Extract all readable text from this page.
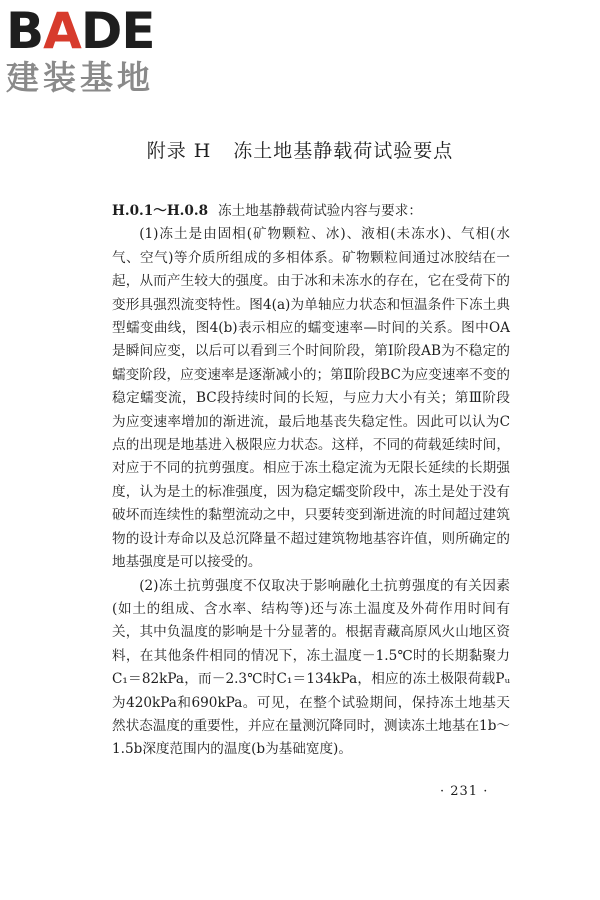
BADE
建装基地
附录 H 冻土地基静载荷试验要点

H.0.1～H.0.8 冻土地基静载荷试验内容与要求：

(1)冻土是由固相(矿物颗粒、冰)、液相(未冻水)、气相(水气、空气)等介质所组成的多相体系。矿物颗粒间通过冰胶结在一起，从而产生较大的强度。由于冰和未冻水的存在，它在受荷下的变形具强烈流变特性。图4(a)为单轴应力状态和恒温条件下冻土典型蠕变曲线，图4(b)表示相应的蠕变速率—时间的关系。图中OA是瞬间应变，以后可以看到三个时间阶段，第Ⅰ阶段AB为不稳定的蠕变阶段，应变速率是逐渐减小的；第Ⅱ阶段BC为应变速率不变的稳定蠕变流，BC段持续时间的长短，与应力大小有关；第Ⅲ阶段为应变速率增加的渐进流，最后地基丧失稳定性。因此可以认为C点的出现是地基进入极限应力状态。这样，不同的荷载延续时间，对应于不同的抗剪强度。相应于冻土稳定流为无限长延续的长期强度，认为是土的标准强度，因为稳定蠕变阶段中，冻土是处于没有破坏而连续性的黏塑流动之中，只要转变到渐进流的时间超过建筑物的设计寿命以及总沉降量不超过建筑物地基容许值，则所确定的地基强度是可以接受的。

(2)冻土抗剪强度不仅取决于影响融化土抗剪强度的有关因素(如土的组成、含水率、结构等)还与冻土温度及外荷作用时间有关，其中负温度的影响是十分显著的。根据青藏高原风火山地区资料，在其他条件相同的情况下，冻土温度－1.5℃时的长期黏聚力C₁＝82kPa，而－2.3℃时C₁＝134kPa，相应的冻土极限荷载Pᵤ为420kPa和690kPa。可见，在整个试验期间，保持冻土地基天然状态温度的重要性，并应在量测沉降同时，测读冻土地基在1b～1.5b深度范围内的温度(b为基础宽度)。

· 231 ·
